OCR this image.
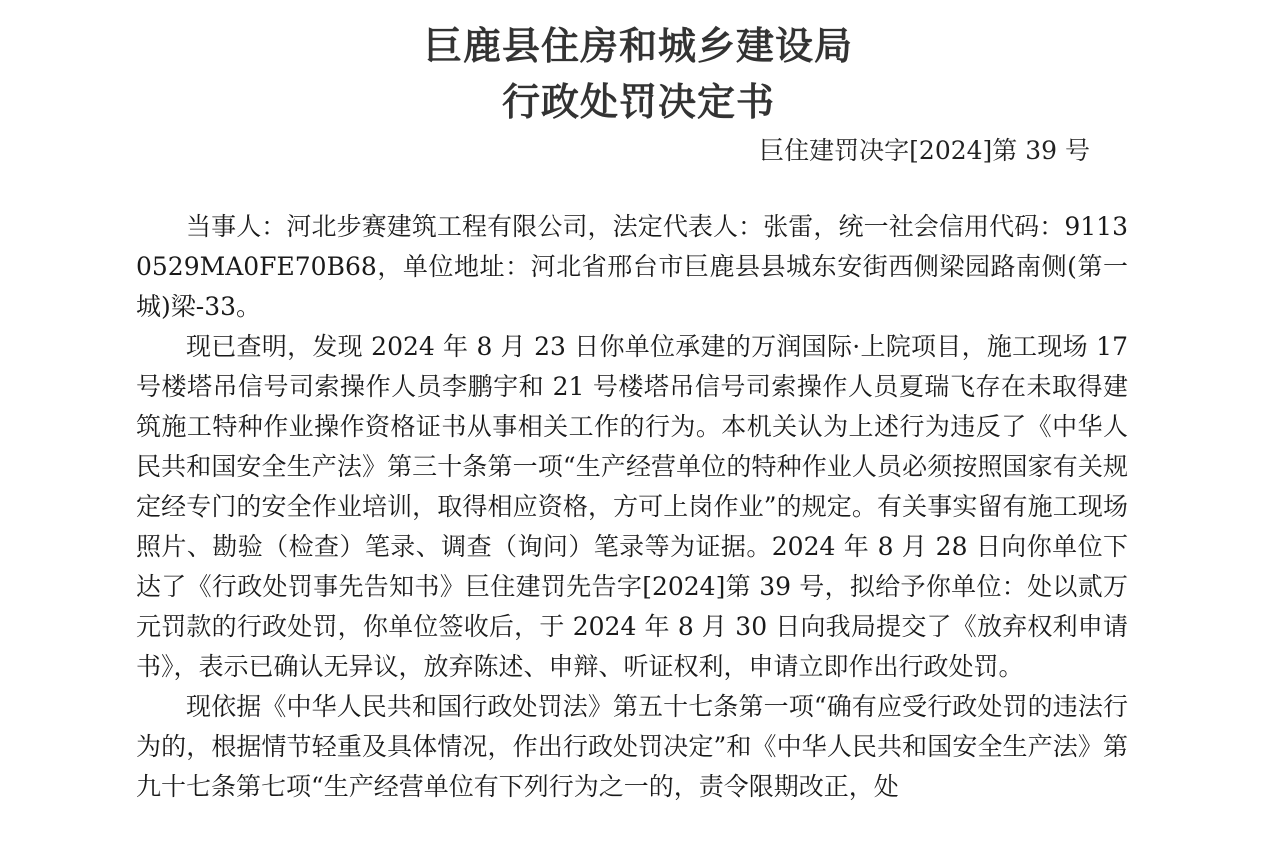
巨鹿县住房和城乡建设局
行政处罚决定书
巨住建罚决字[2024]第 39 号

当事人：河北步赛建筑工程有限公司，法定代表人：张雷，统一社会信用代码：91130529MA0FE70B68，单位地址：河北省邢台市巨鹿县县城东安街西侧梁园路南侧(第一城)梁-33。

现已查明，发现 2024 年 8 月 23 日你单位承建的万润国际·上院项目，施工现场 17 号楼塔吊信号司索操作人员李鹏宇和 21 号楼塔吊信号司索操作人员夏瑞飞存在未取得建筑施工特种作业操作资格证书从事相关工作的行为。本机关认为上述行为违反了《中华人民共和国安全生产法》第三十条第一项“生产经营单位的特种作业人员必须按照国家有关规定经专门的安全作业培训，取得相应资格，方可上岗作业”的规定。有关事实留有施工现场照片、勘验（检查）笔录、调查（询问）笔录等为证据。2024 年 8 月 28 日向你单位下达了《行政处罚事先告知书》巨住建罚先告字[2024]第 39 号，拟给予你单位：处以贰万元罚款的行政处罚，你单位签收后，于 2024 年 8 月 30 日向我局提交了《放弃权利申请书》，表示已确认无异议，放弃陈述、申辩、听证权利，申请立即作出行政处罚。

现依据《中华人民共和国行政处罚法》第五十七条第一项“确有应受行政处罚的违法行为的，根据情节轻重及具体情况，作出行政处罚决定”和《中华人民共和国安全生产法》第九十七条第七项“生产经营单位有下列行为之一的，责令限期改正，处
